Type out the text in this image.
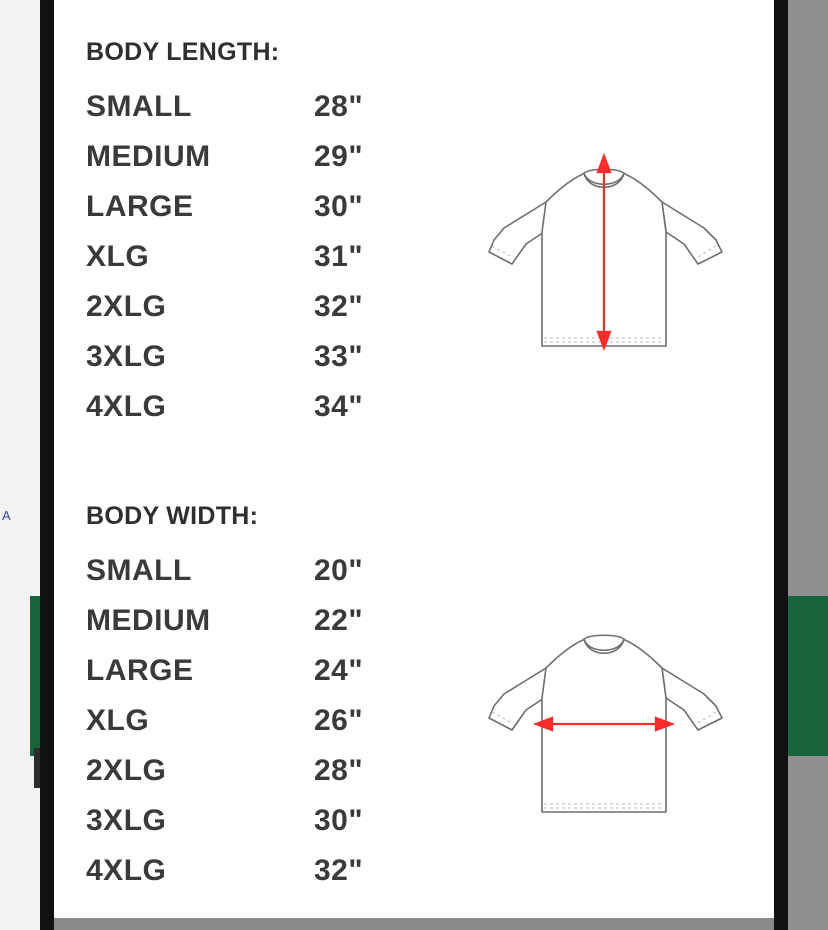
A
BODY LENGTH:
SMALL	28"
MEDIUM	29"
LARGE	30"
XLG	31"
2XLG	32"
3XLG	33"
4XLG	34"
BODY WIDTH:
SMALL	20"
MEDIUM	22"
LARGE	24"
XLG	26"
2XLG	28"
3XLG	30"
4XLG	32"
